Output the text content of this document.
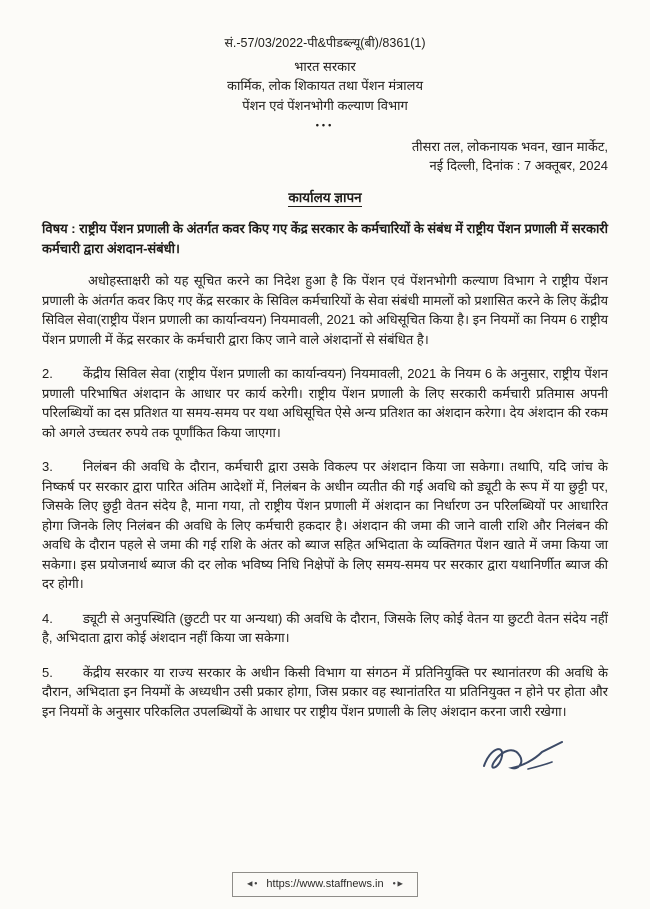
सं.-57/03/2022-पी&पीडब्ल्यू(बी)/8361(1)
भारत सरकार
कार्मिक, लोक शिकायत तथा पेंशन मंत्रालय
पेंशन एवं पेंशनभोगी कल्याण विभाग
•••
तीसरा तल, लोकनायक भवन, खान मार्केट,
नई दिल्ली, दिनांक : 7 अक्तूबर, 2024
कार्यालय ज्ञापन
विषय : राष्ट्रीय पेंशन प्रणाली के अंतर्गत कवर किए गए केंद्र सरकार के कर्मचारियों के संबंध में राष्ट्रीय पेंशन प्रणाली में सरकारी कर्मचारी द्वारा अंशदान-संबंधी।

अधोहस्ताक्षरी को यह सूचित करने का निदेश हुआ है कि पेंशन एवं पेंशनभोगी कल्याण विभाग ने राष्ट्रीय पेंशन प्रणाली के अंतर्गत कवर किए गए केंद्र सरकार के सिविल कर्मचारियों के सेवा संबंधी मामलों को प्रशासित करने के लिए केंद्रीय सिविल सेवा(राष्ट्रीय पेंशन प्रणाली का कार्यान्वयन) नियमावली, 2021 को अधिसूचित किया है। इन नियमों का नियम 6 राष्ट्रीय पेंशन प्रणाली में केंद्र सरकार के कर्मचारी द्वारा किए जाने वाले अंशदानों से संबंधित है।

2. केंद्रीय सिविल सेवा (राष्ट्रीय पेंशन प्रणाली का कार्यान्वयन) नियमावली, 2021 के नियम 6 के अनुसार, राष्ट्रीय पेंशन प्रणाली परिभाषित अंशदान के आधार पर कार्य करेगी। राष्ट्रीय पेंशन प्रणाली के लिए सरकारी कर्मचारी प्रतिमास अपनी परिलब्धियों का दस प्रतिशत या समय-समय पर यथा अधिसूचित ऐसे अन्य प्रतिशत का अंशदान करेगा। देय अंशदान की रकम को अगले उच्चतर रुपये तक पूर्णांकित किया जाएगा।

3. निलंबन की अवधि के दौरान, कर्मचारी द्वारा उसके विकल्प पर अंशदान किया जा सकेगा। तथापि, यदि जांच के निष्कर्ष पर सरकार द्वारा पारित अंतिम आदेशों में, निलंबन के अधीन व्यतीत की गई अवधि को ड्यूटी के रूप में या छुट्टी पर, जिसके लिए छुट्टी वेतन संदेय है, माना गया, तो राष्ट्रीय पेंशन प्रणाली में अंशदान का निर्धारण उन परिलब्धियों पर आधारित होगा जिनके लिए निलंबन की अवधि के लिए कर्मचारी हकदार है। अंशदान की जमा की जाने वाली राशि और निलंबन की अवधि के दौरान पहले से जमा की गई राशि के अंतर को ब्याज सहित अभिदाता के व्यक्तिगत पेंशन खाते में जमा किया जा सकेगा। इस प्रयोजनार्थ ब्याज की दर लोक भविष्य निधि निक्षेपों के लिए समय-समय पर सरकार द्वारा यथानिर्णीत ब्याज की दर होगी।

4. ड्यूटी से अनुपस्थिति (छुटटी पर या अन्यथा) की अवधि के दौरान, जिसके लिए कोई वेतन या छुटटी वेतन संदेय नहीं है, अभिदाता द्वारा कोई अंशदान नहीं किया जा सकेगा।

5. केंद्रीय सरकार या राज्य सरकार के अधीन किसी विभाग या संगठन में प्रतिनियुक्ति पर स्थानांतरण की अवधि के दौरान, अभिदाता इन नियमों के अध्यधीन उसी प्रकार होगा, जिस प्रकार वह स्थानांतरित या प्रतिनियुक्त न होने पर होता और इन नियमों के अनुसार परिकलित उपलब्धियों के आधार पर राष्ट्रीय पेंशन प्रणाली के लिए अंशदान करना जारी रखेगा।

◄• https://www.staffnews.in •►
